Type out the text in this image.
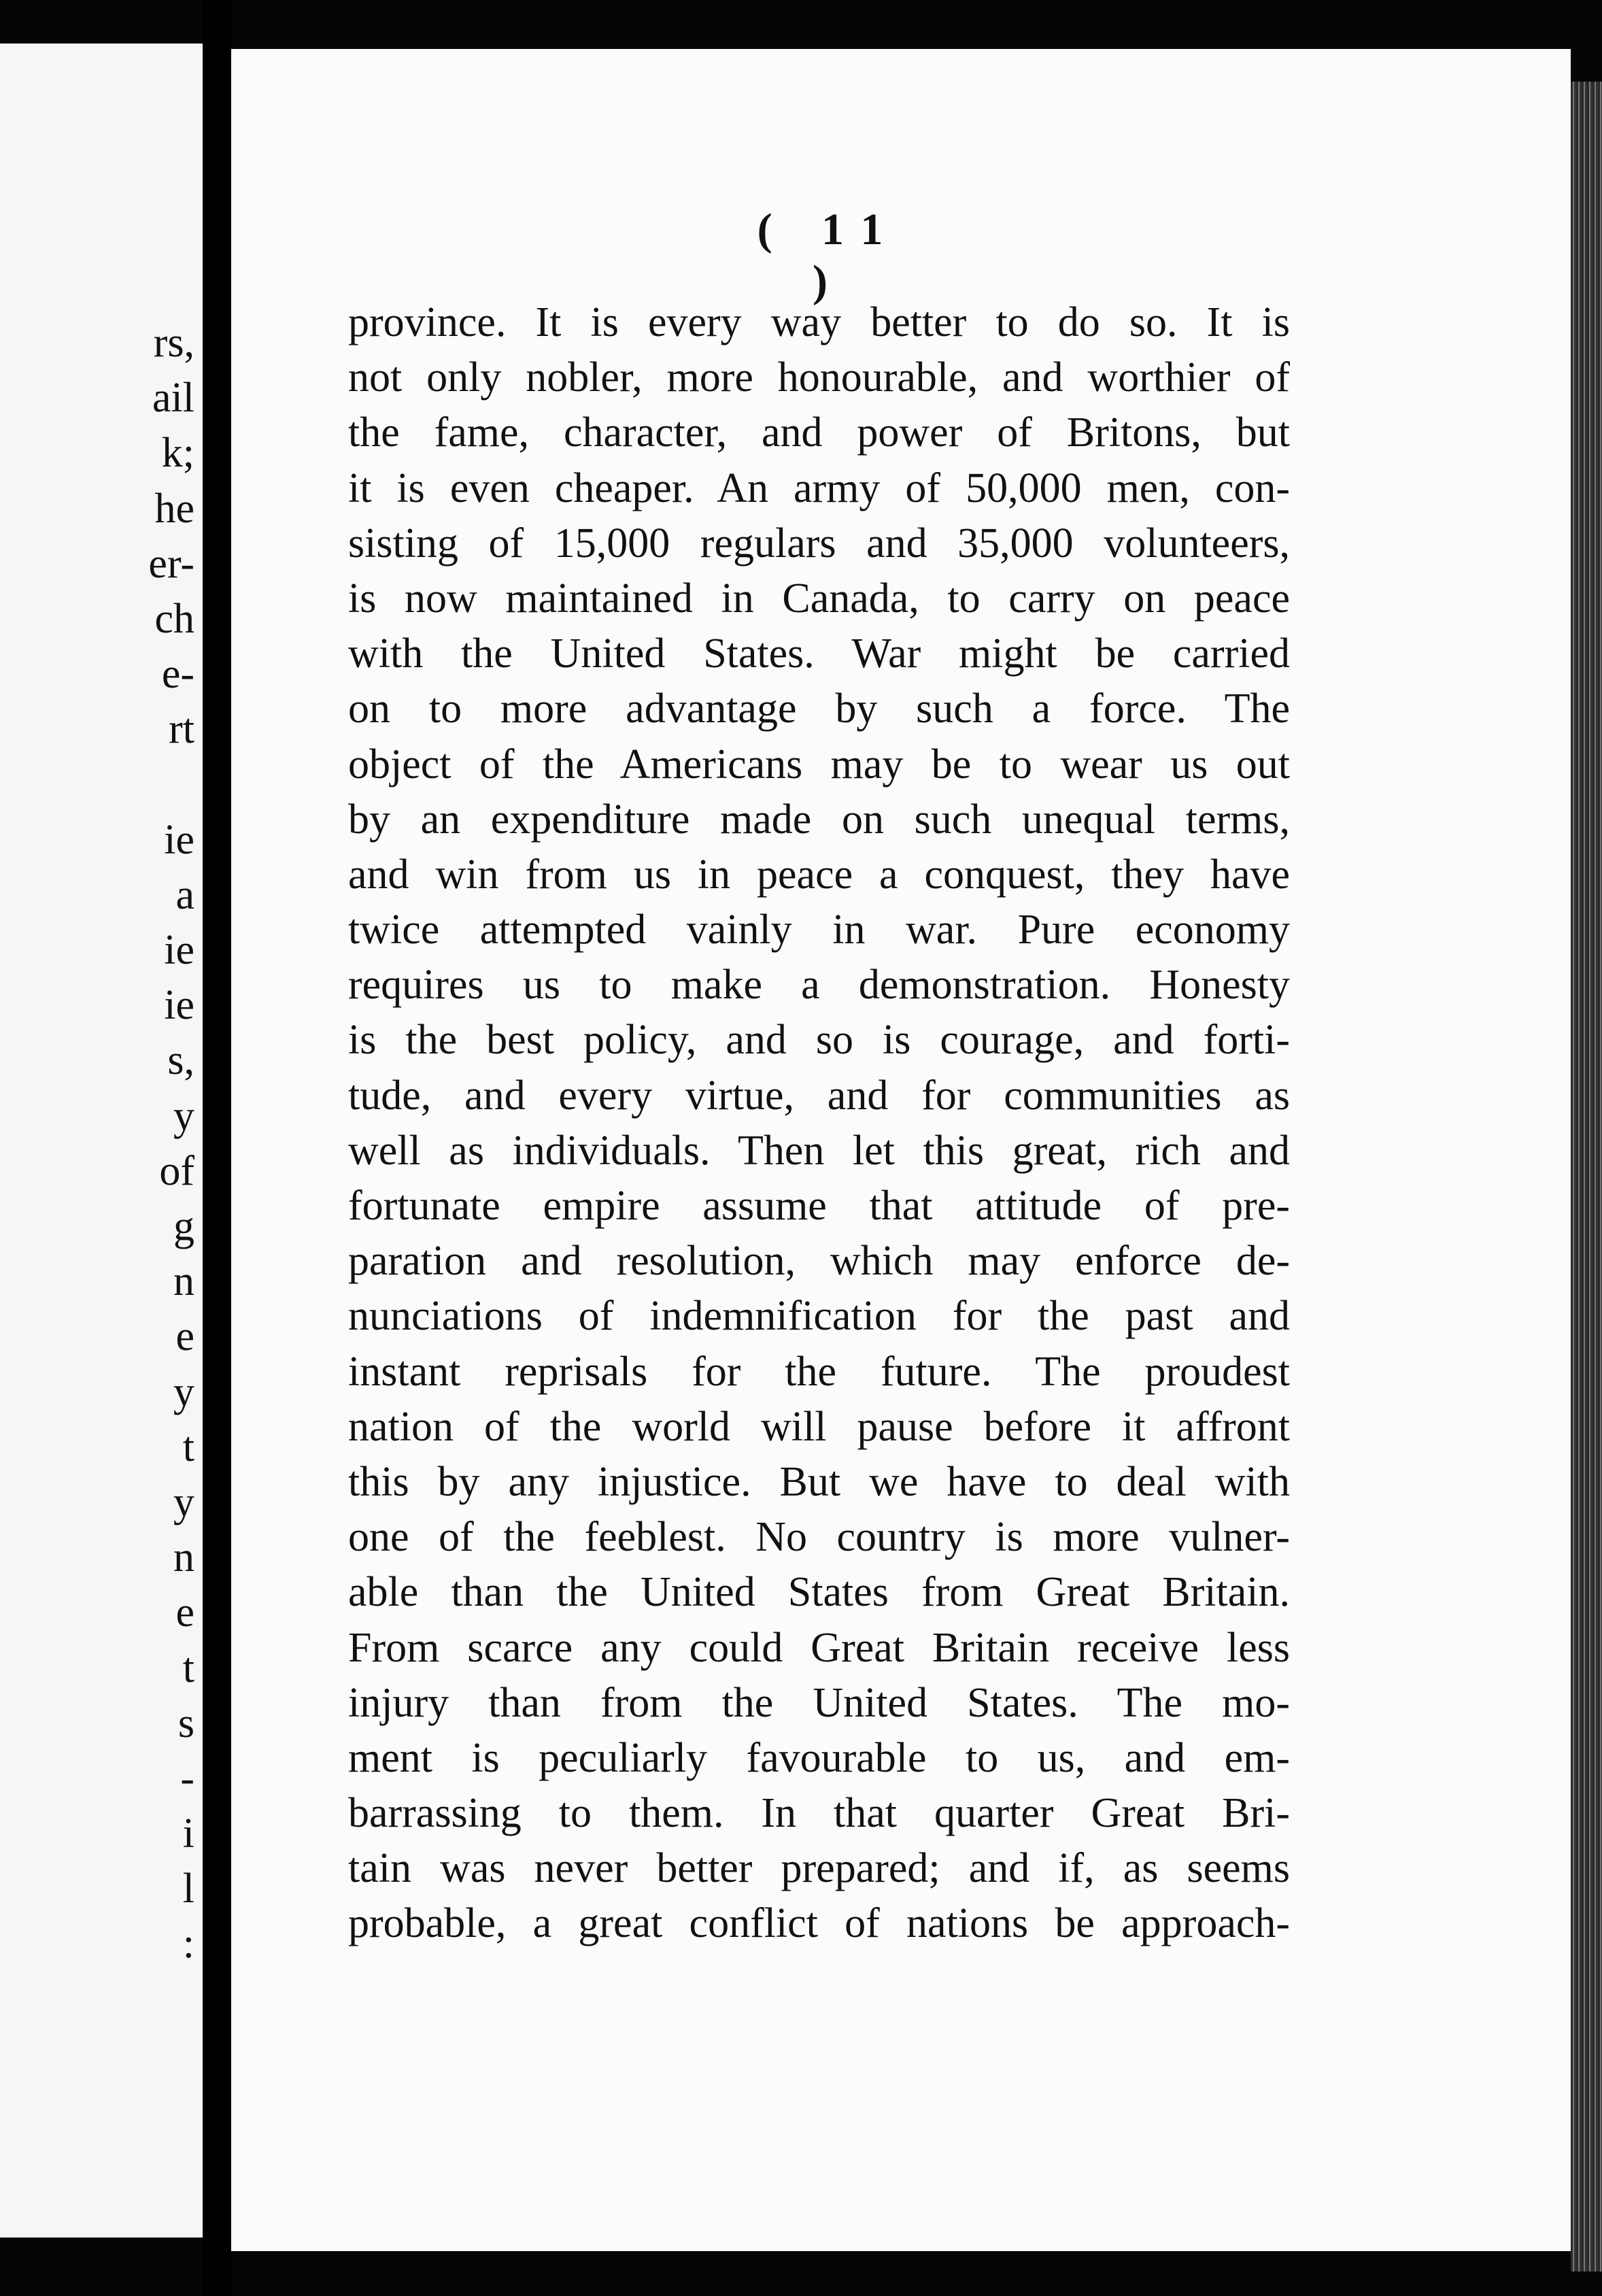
rs,
ail
k;
he
er-
ch
e-
rt
ie
a
ie
ie
s,
y
of
g
n
e
y
t
y
n
e
t
s
-
i
l
:
( 11 )
province. It is every way better to do so. It is
not only nobler, more honourable, and worthier of
the fame, character, and power of Britons, but
it is even cheaper. An army of 50,000 men, con-
sisting of 15,000 regulars and 35,000 volunteers,
is now maintained in Canada, to carry on peace
with the United States. War might be carried
on to more advantage by such a force. The
object of the Americans may be to wear us out
by an expenditure made on such unequal terms,
and win from us in peace a conquest, they have
twice attempted vainly in war. Pure economy
requires us to make a demonstration. Honesty
is the best policy, and so is courage, and forti-
tude, and every virtue, and for communities as
well as individuals. Then let this great, rich and
fortunate empire assume that attitude of pre-
paration and resolution, which may enforce de-
nunciations of indemnification for the past and
instant reprisals for the future. The proudest
nation of the world will pause before it affront
this by any injustice. But we have to deal with
one of the feeblest. No country is more vulner-
able than the United States from Great Britain.
From scarce any could Great Britain receive less
injury than from the United States. The mo-
ment is peculiarly favourable to us, and em-
barrassing to them. In that quarter Great Bri-
tain was never better prepared; and if, as seems
probable, a great conflict of nations be approach-
